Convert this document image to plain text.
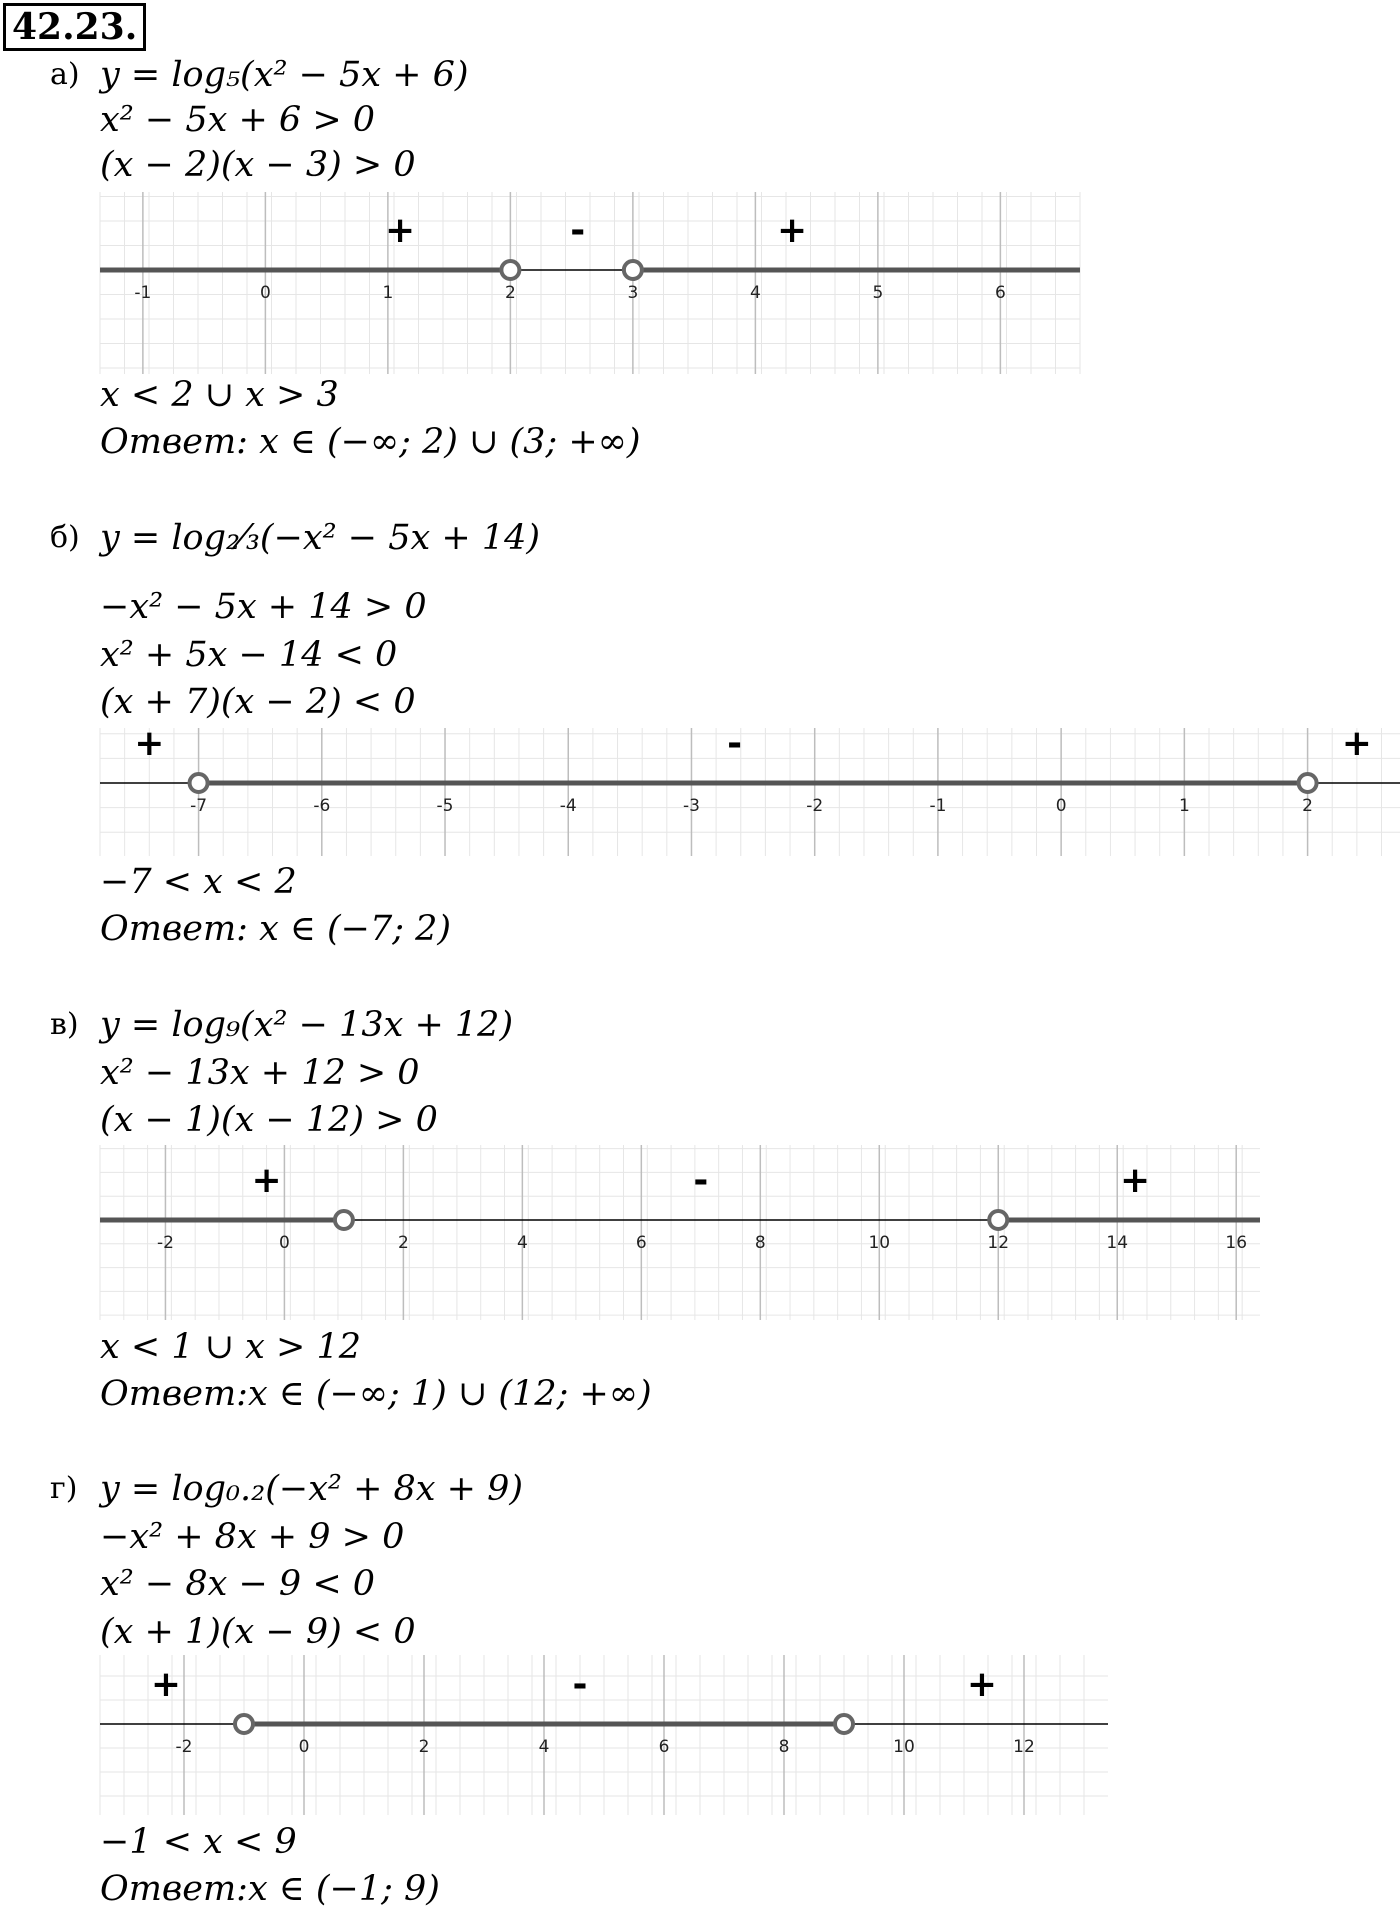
42.23.
а) y = log₅(x² − 5x + 6)
x² − 5x + 6 > 0
(x − 2)(x − 3) > 0
-1	0	1	2	3	4	5	6
+	-	+
x < 2 ∪ x > 3
Ответ: x ∈ (−∞; 2) ∪ (3; +∞)
б) y = log₂⁄₃(−x² − 5x + 14)
−x² − 5x + 14 > 0
x² + 5x − 14 < 0
(x + 7)(x − 2) < 0
-7	-6	-5	-4	-3	-2	-1	0	1	2
+	-	+
−7 < x < 2
Ответ: x ∈ (−7; 2)
в) y = log₉(x² − 13x + 12)
x² − 13x + 12 > 0
(x − 1)(x − 12) > 0
-2	0	2	4	6	8	10	12	14	16
+	-	+
x < 1 ∪ x > 12
Ответ:x ∈ (−∞; 1) ∪ (12; +∞)
г) y = log₀.₂(−x² + 8x + 9)
−x² + 8x + 9 > 0
x² − 8x − 9 < 0
(x + 1)(x − 9) < 0
-2	0	2	4	6	8	10	12
+	-	+
−1 < x < 9
Ответ:x ∈ (−1; 9)
